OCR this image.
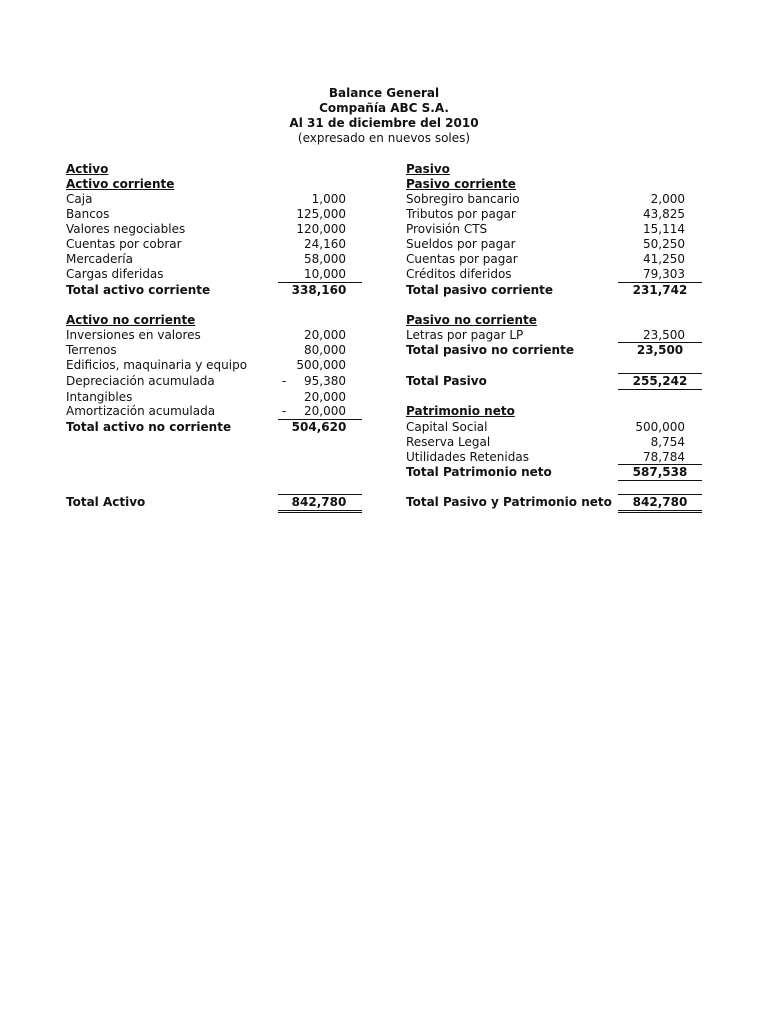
Balance General
Compañía ABC S.A.
Al 31 de diciembre del 2010
(expresado en nuevos soles)
Activo
Activo corriente
Caja	1,000
Bancos	125,000
Valores negociables	120,000
Cuentas por cobrar	24,160
Mercadería	58,000
Cargas diferidas	10,000
Total activo corriente	338,160
Activo no corriente
Inversiones en valores	20,000
Terrenos	80,000
Edificios, maquinaria y equipo	500,000
Depreciación acumulada	-	95,380
Intangibles	20,000
Amortización acumulada	-	20,000
Total activo no corriente	504,620
Total Activo	842,780
Pasivo
Pasivo corriente
Sobregiro bancario	2,000
Tributos por pagar	43,825
Provisión CTS	15,114
Sueldos por pagar	50,250
Cuentas por pagar	41,250
Créditos diferidos	79,303
Total pasivo corriente	231,742
Pasivo no corriente
Letras por pagar LP	23,500
Total pasivo no corriente	23,500
Total Pasivo	255,242
Patrimonio neto
Capital Social	500,000
Reserva Legal	8,754
Utilidades Retenidas	78,784
Total Patrimonio neto	587,538
Total Pasivo y Patrimonio neto	842,780
